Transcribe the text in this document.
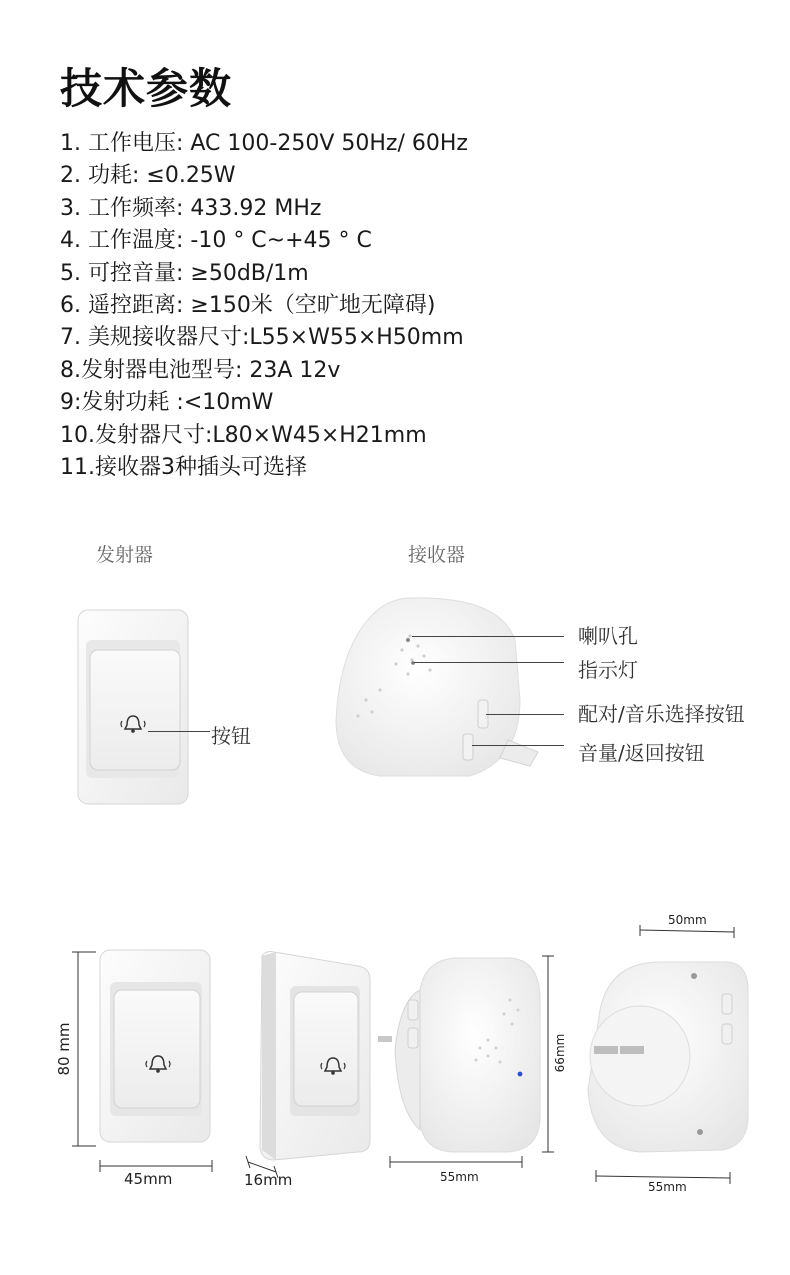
技术参数
1. 工作电压: AC 100-250V 50Hz/ 60Hz
2. 功耗: ≤0.25W
3. 工作频率: 433.92 MHz
4. 工作温度: -10 ° C~+45 ° C
5. 可控音量: ≥50dB/1m
6. 遥控距离: ≥150米（空旷地无障碍)
7. 美规接收器尺寸:L55×W55×H50mm
8.发射器电池型号: 23A 12v
9:发射功耗 :<10mW
10.发射器尺寸:L80×W45×H21mm
11.接收器3种插头可选择
发射器	接收器
按钮
喇叭孔
指示灯
配对/音乐选择按钮
音量/返回按钮
80 mm
45mm	16mm	55mm
66mm
50mm
55mm
